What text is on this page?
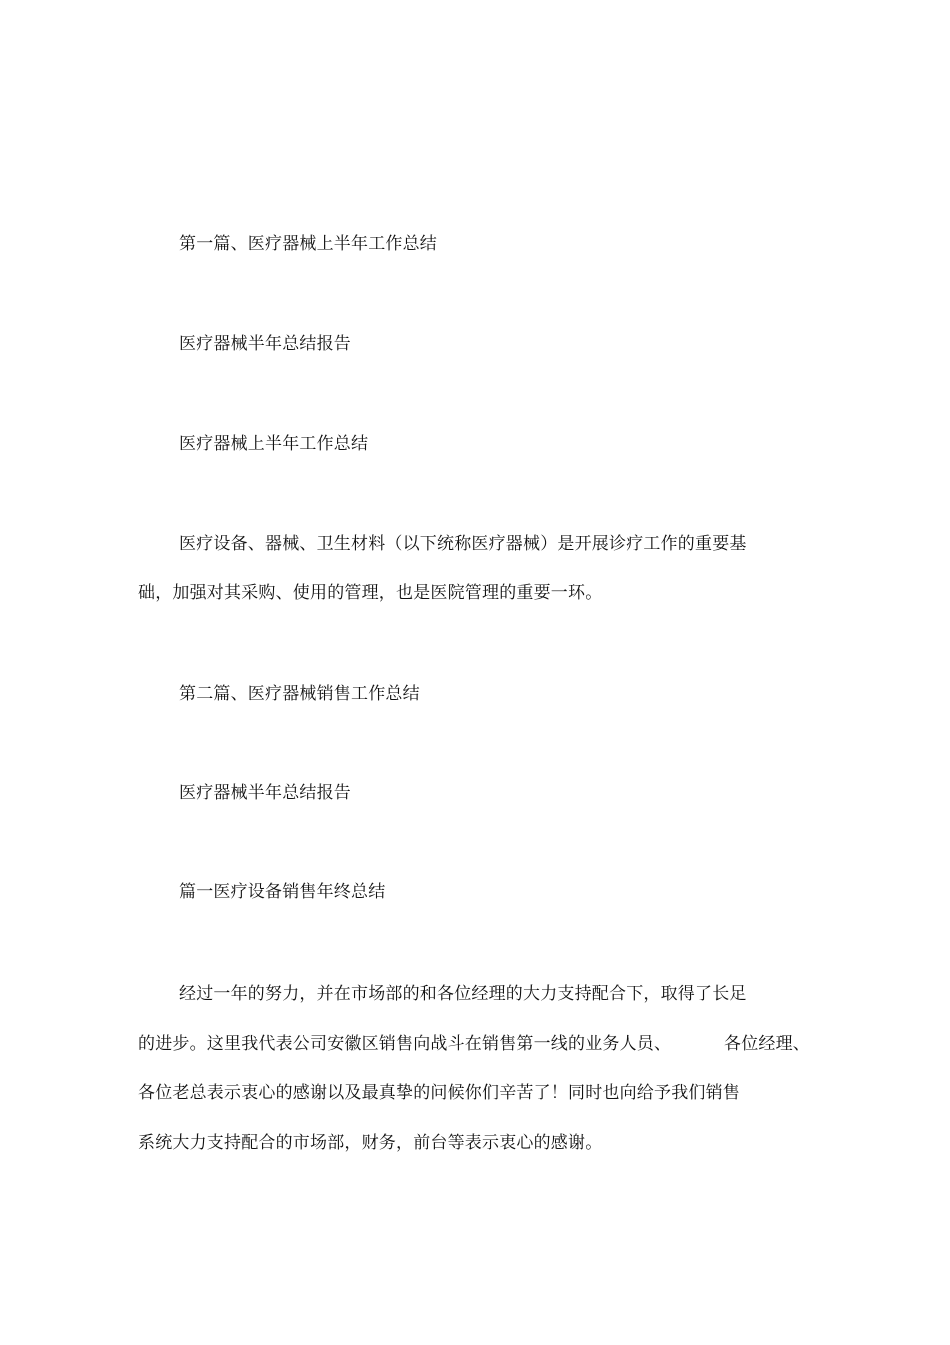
第一篇、医疗器械上半年工作总结
医疗器械半年总结报告
医疗器械上半年工作总结
医疗设备、器械、卫生材料（以下统称医疗器械）是开展诊疗工作的重要基
础，加强对其采购、使用的管理，也是医院管理的重要一环。
第二篇、医疗器械销售工作总结
医疗器械半年总结报告
篇一医疗设备销售年终总结
经过一年的努力，并在市场部的和各位经理的大力支持配合下，取得了长足
的进步。这里我代表公司安徽区销售向战斗在销售第一线的业务人员、	各位经理、
各位老总表示衷心的感谢以及最真挚的问候你们辛苦了！同时也向给予我们销售
系统大力支持配合的市场部，财务，前台等表示衷心的感谢。
